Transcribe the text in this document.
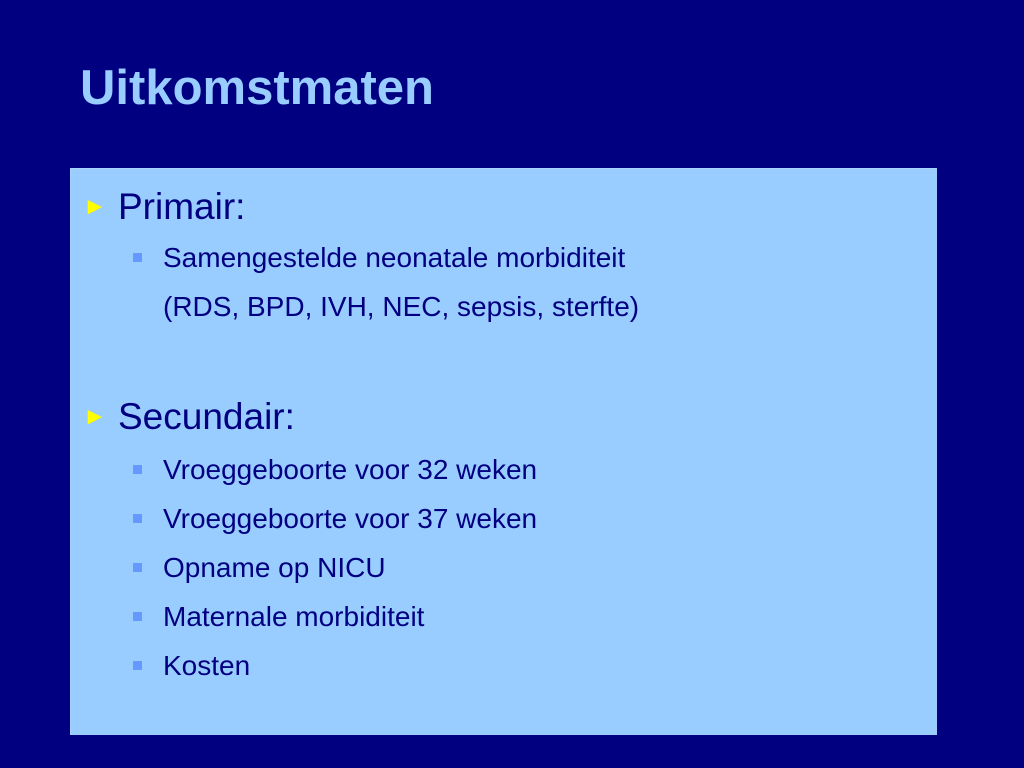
Uitkomstmaten
► Primair:
Samengestelde neonatale morbiditeit
(RDS, BPD, IVH, NEC, sepsis, sterfte)
► Secundair:
Vroeggeboorte voor 32 weken
Vroeggeboorte voor 37 weken
Opname op NICU
Maternale morbiditeit
Kosten
